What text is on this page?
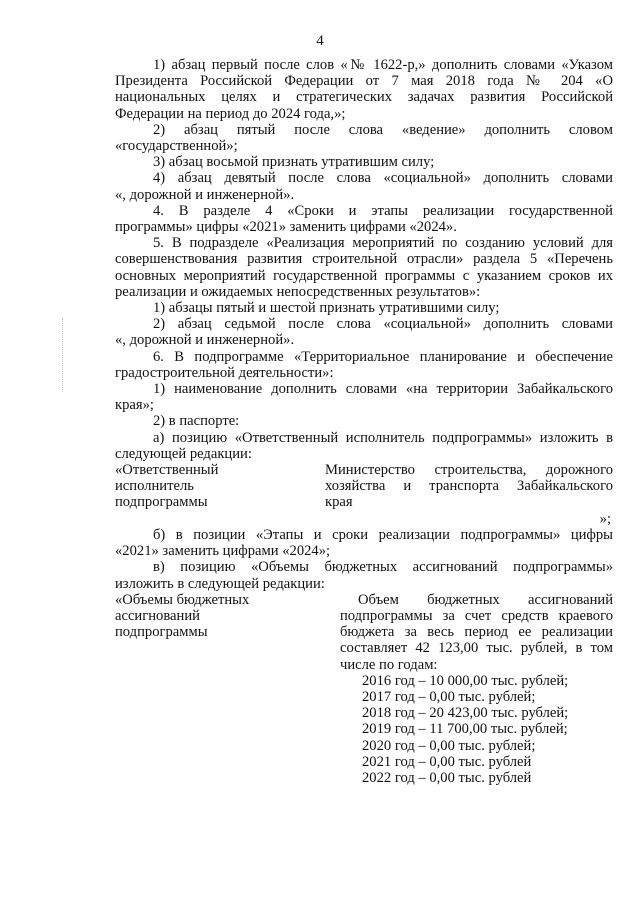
4

1) абзац первый после слов «№ 1622-р,» дополнить словами «Указом

Президента Российской Федерации от 7 мая 2018 года № 204 «О

национальных целях и стратегических задачах развития Российской

Федерации на период до 2024 года,»;

2) абзац пятый после слова «ведение» дополнить словом

«государственной»;

3) абзац восьмой признать утратившим силу;

4) абзац девятый после слова «социальной» дополнить словами

«, дорожной и инженерной».

4. В разделе 4 «Сроки и этапы реализации государственной

программы» цифры «2021» заменить цифрами «2024».

5. В подразделе «Реализация мероприятий по созданию условий для

совершенствования развития строительной отрасли» раздела 5 «Перечень

основных мероприятий государственной программы с указанием сроков их

реализации и ожидаемых непосредственных результатов»:

1) абзацы пятый и шестой признать утратившими силу;

2) абзац седьмой после слова «социальной» дополнить словами

«, дорожной и инженерной».

6. В подпрограмме «Территориальное планирование и обеспечение

градостроительной деятельности»:

1) наименование дополнить словами «на территории Забайкальского

края»;

2) в паспорте:

а) позицию «Ответственный исполнитель подпрограммы» изложить в

следующей редакции:

«Ответственный
исполнитель
подпрограммы
Министерство строительства, дорожного
хозяйства и транспорта Забайкальского
края

»;

б) в позиции «Этапы и сроки реализации подпрограммы» цифры

«2021» заменить цифрами «2024»;

в) позицию «Объемы бюджетных ассигнований подпрограммы»

изложить в следующей редакции:

«Объемы бюджетных
ассигнований
подпрограммы
Объем бюджетных ассигнований
подпрограммы за счет средств краевого
бюджета за весь период ее реализации
составляет 42 123,00 тыс. рублей, в том
числе по годам:
2016 год – 10 000,00 тыс. рублей;
2017 год – 0,00 тыс. рублей;
2018 год – 20 423,00 тыс. рублей;
2019 год – 11 700,00 тыс. рублей;
2020 год – 0,00 тыс. рублей;
2021 год – 0,00 тыс. рублей
2022 год – 0,00 тыс. рублей
